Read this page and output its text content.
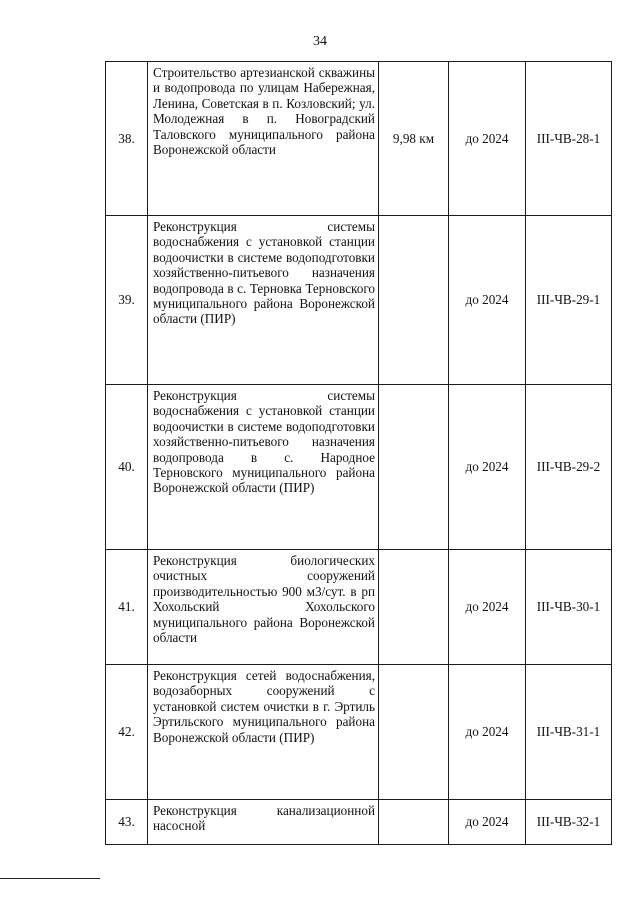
34
38.	Строительство артезианской скважины и водопровода по улицам Набережная, Ленина, Советская в п. Козловский; ул. Молодежная в п. Новоградский Таловского муниципального района Воронежской области	9,98 км	до 2024	III-ЧВ-28-1
39.	Реконструкция системы водоснабжения с установкой станции водоочистки в системе водоподготовки хозяйственно-питьевого назначения водопровода в с. Терновка Терновского муниципального района Воронежской области (ПИР)		до 2024	III-ЧВ-29-1
40.	Реконструкция системы водоснабжения с установкой станции водоочистки в системе водоподготовки хозяйственно-питьевого назначения водопровода в с. Народное Терновского муниципального района Воронежской области (ПИР)		до 2024	III-ЧВ-29-2
41.	Реконструкция биологических очистных сооружений производительностью 900 м3/сут. в рп Хохольский Хохольского муниципального района Воронежской области		до 2024	III-ЧВ-30-1
42.	Реконструкция сетей водоснабжения, водозаборных сооружений с установкой систем очистки в г. Эртиль Эртильского муниципального района Воронежской области (ПИР)		до 2024	III-ЧВ-31-1
43.	Реконструкция канализационной насосной		до 2024	III-ЧВ-32-1
